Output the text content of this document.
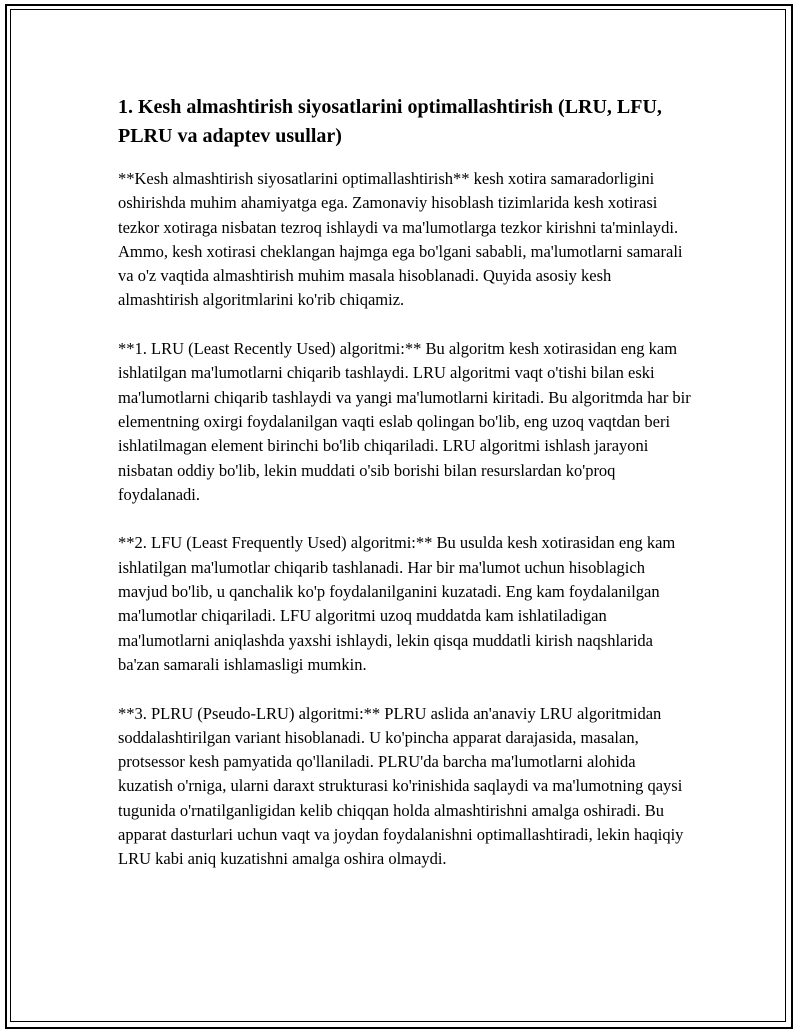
1. Kesh almashtirish siyosatlarini optimallashtirish (LRU, LFU, PLRU va adaptev usullar)

**Kesh almashtirish siyosatlarini optimallashtirish** kesh xotira samaradorligini oshirishda muhim ahamiyatga ega. Zamonaviy hisoblash tizimlarida kesh xotirasi tezkor xotiraga nisbatan tezroq ishlaydi va ma'lumotlarga tezkor kirishni ta'minlaydi. Ammo, kesh xotirasi cheklangan hajmga ega bo'lgani sababli, ma'lumotlarni samarali va o'z vaqtida almashtirish muhim masala hisoblanadi. Quyida asosiy kesh almashtirish algoritmlarini ko'rib chiqamiz.

**1. LRU (Least Recently Used) algoritmi:** Bu algoritm kesh xotirasidan eng kam ishlatilgan ma'lumotlarni chiqarib tashlaydi. LRU algoritmi vaqt o'tishi bilan eski ma'lumotlarni chiqarib tashlaydi va yangi ma'lumotlarni kiritadi. Bu algoritmda har bir elementning oxirgi foydalanilgan vaqti eslab qolingan bo'lib, eng uzoq vaqtdan beri ishlatilmagan element birinchi bo'lib chiqariladi. LRU algoritmi ishlash jarayoni nisbatan oddiy bo'lib, lekin muddati o'sib borishi bilan resurslardan ko'proq foydalanadi.

**2. LFU (Least Frequently Used) algoritmi:** Bu usulda kesh xotirasidan eng kam ishlatilgan ma'lumotlar chiqarib tashlanadi. Har bir ma'lumot uchun hisoblagich mavjud bo'lib, u qanchalik ko'p foydalanilganini kuzatadi. Eng kam foydalanilgan ma'lumotlar chiqariladi. LFU algoritmi uzoq muddatda kam ishlatiladigan ma'lumotlarni aniqlashda yaxshi ishlaydi, lekin qisqa muddatli kirish naqshlarida ba'zan samarali ishlamasligi mumkin.

**3. PLRU (Pseudo-LRU) algoritmi:** PLRU aslida an'anaviy LRU algoritmidan soddalashtirilgan variant hisoblanadi. U ko'pincha apparat darajasida, masalan, protsessor kesh pamyatida qo'llaniladi. PLRU'da barcha ma'lumotlarni alohida kuzatish o'rniga, ularni daraxt strukturasi ko'rinishida saqlaydi va ma'lumotning qaysi tugunida o'rnatilganligidan kelib chiqqan holda almashtirishni amalga oshiradi. Bu apparat dasturlari uchun vaqt va joydan foydalanishni optimallashtiradi, lekin haqiqiy LRU kabi aniq kuzatishni amalga oshira olmaydi.
